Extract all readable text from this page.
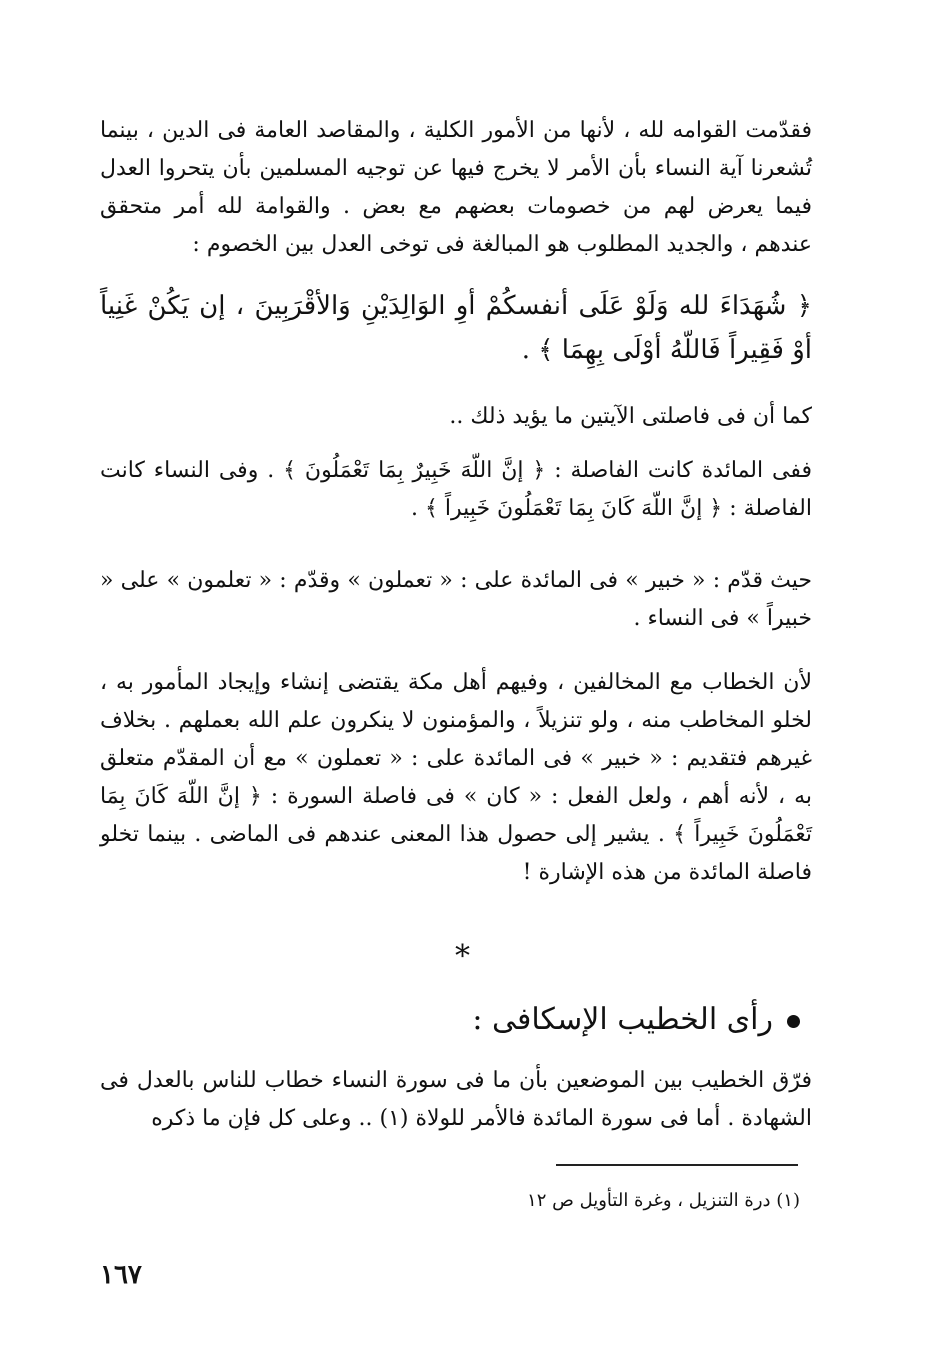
فقدّمت القوامه لله ، لأنها من الأمور الكلية ، والمقاصد العامة فى الدين ، بينما تُشعرنا آية النساء بأن الأمر لا يخرج فيها عن توجيه المسلمين بأن يتحروا العدل فيما يعرض لهم من خصومات بعضهم مع بعض . والقوامة لله أمر متحقق عندهم ، والجديد المطلوب هو المبالغة فى توخى العدل بين الخصوم :

﴿ شُهَدَاءَ لله وَلَوْ عَلَى أنفسكُمْ أوِ الوَالِدَيْنِ وَالأقْرَبِينَ ، إن يَكُنْ غَنِياً أوْ فَقِيراً فَاللّهُ أوْلَى بِهِمَا ﴾ .

كما أن فى فاصلتى الآيتين ما يؤيد ذلك ..

ففى المائدة كانت الفاصلة : ﴿ إنَّ اللّهَ خَبِيرٌ بِمَا تَعْمَلُونَ ﴾ . وفى النساء كانت الفاصلة : ﴿ إنَّ اللّهَ كَانَ بِمَا تَعْمَلُونَ خَبِيراً ﴾ .

حيث قدّم : « خبير » فى المائدة على : « تعملون » وقدّم : « تعلمون » على « خبيراً » فى النساء .

لأن الخطاب مع المخالفين ، وفيهم أهل مكة يقتضى إنشاء وإيجاد المأمور به ، لخلو المخاطب منه ، ولو تنزيلاً ، والمؤمنون لا ينكرون علم الله بعملهم . بخلاف غيرهم فتقديم : « خبير » فى المائدة على : « تعملون » مع أن المقدّم متعلق به ، لأنه أهم ، ولعل الفعل : « كان » فى فاصلة السورة : ﴿ إنَّ اللّهَ كَانَ بِمَا تَعْمَلُونَ خَبِيراً ﴾ . يشير إلى حصول هذا المعنى عندهم فى الماضى . بينما تخلو فاصلة المائدة من هذه الإشارة !

*

رأى الخطيب الإسكافى :

فرّق الخطيب بين الموضعين بأن ما فى سورة النساء خطاب للناس بالعدل فى الشهادة . أما فى سورة المائدة فالأمر للولاة (١) .. وعلى كل فإن ما ذكره

(١) درة التنزيل ، وغرة التأويل ص ١٢

١٦٧
